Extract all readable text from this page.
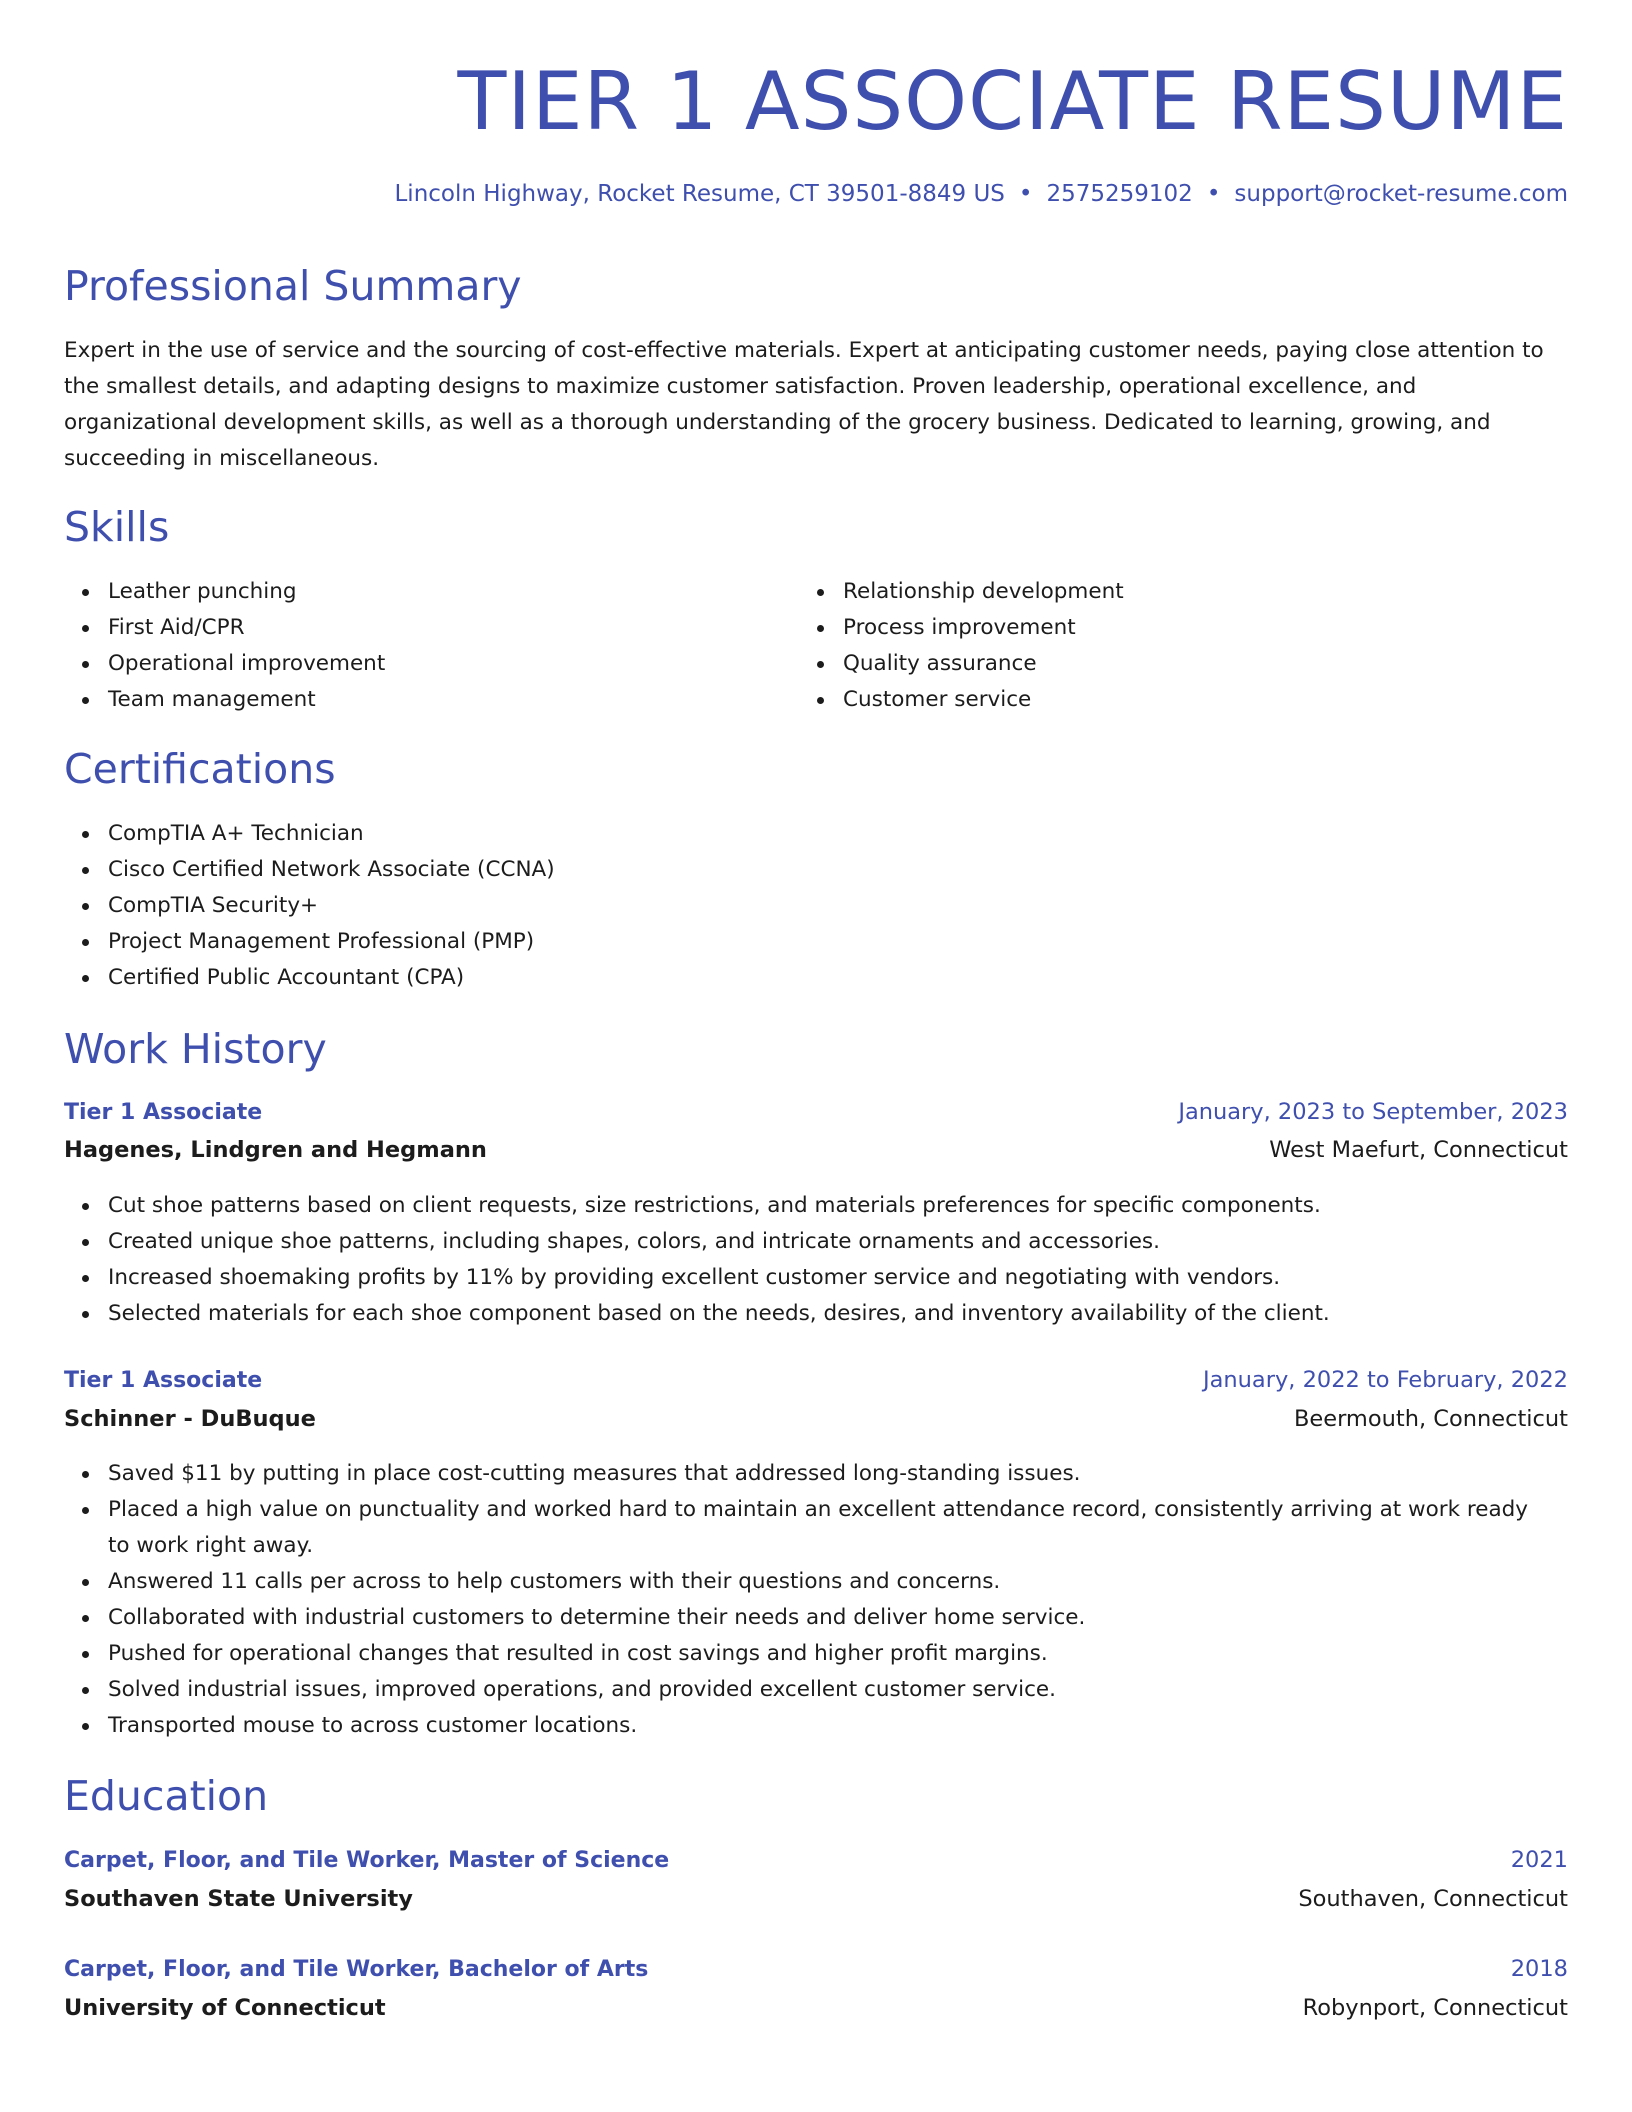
TIER 1 ASSOCIATE RESUME
Lincoln Highway, Rocket Resume, CT 39501-8849 US • 2575259102 • support@rocket-resume.com
Professional Summary
Expert in the use of service and the sourcing of cost-effective materials. Expert at anticipating customer needs, paying close attention to the smallest details, and adapting designs to maximize customer satisfaction. Proven leadership, operational excellence, and organizational development skills, as well as a thorough understanding of the grocery business. Dedicated to learning, growing, and succeeding in miscellaneous.
Skills
Leather punching
First Aid/CPR
Operational improvement
Team management
Relationship development
Process improvement
Quality assurance
Customer service
Certifications
CompTIA A+ Technician
Cisco Certified Network Associate (CCNA)
CompTIA Security+
Project Management Professional (PMP)
Certified Public Accountant (CPA)
Work History
Tier 1 Associate	January, 2023 to September, 2023
Hagenes, Lindgren and Hegmann	West Maefurt, Connecticut
Cut shoe patterns based on client requests, size restrictions, and materials preferences for specific components.
Created unique shoe patterns, including shapes, colors, and intricate ornaments and accessories.
Increased shoemaking profits by 11% by providing excellent customer service and negotiating with vendors.
Selected materials for each shoe component based on the needs, desires, and inventory availability of the client.
Tier 1 Associate	January, 2022 to February, 2022
Schinner - DuBuque	Beermouth, Connecticut
Saved $11 by putting in place cost-cutting measures that addressed long-standing issues.
Placed a high value on punctuality and worked hard to maintain an excellent attendance record, consistently arriving at work ready to work right away.
Answered 11 calls per across to help customers with their questions and concerns.
Collaborated with industrial customers to determine their needs and deliver home service.
Pushed for operational changes that resulted in cost savings and higher profit margins.
Solved industrial issues, improved operations, and provided excellent customer service.
Transported mouse to across customer locations.
Education
Carpet, Floor, and Tile Worker, Master of Science	2021
Southaven State University	Southaven, Connecticut
Carpet, Floor, and Tile Worker, Bachelor of Arts	2018
University of Connecticut	Robynport, Connecticut
